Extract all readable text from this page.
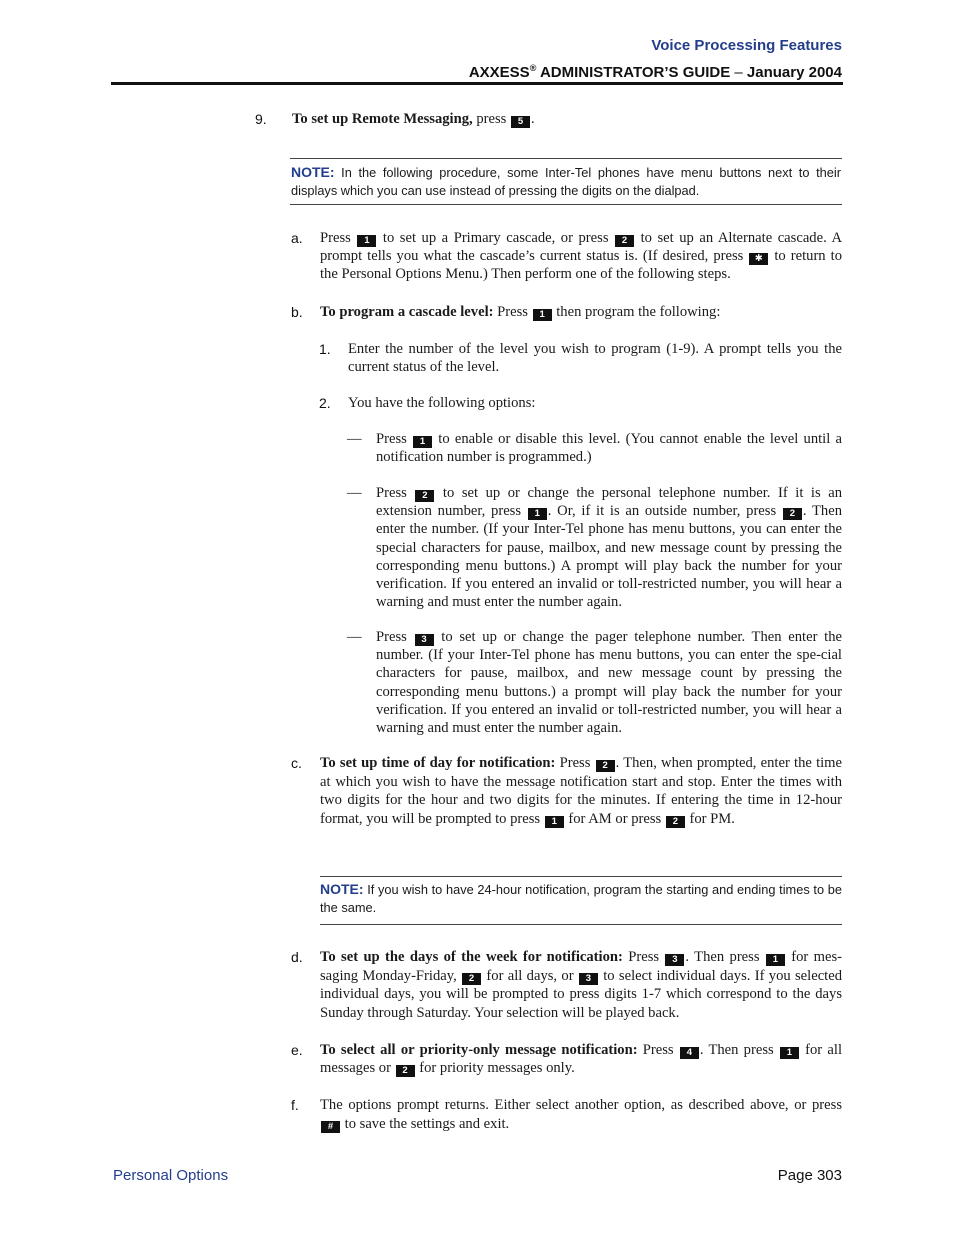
Voice Processing Features
AXXESS® ADMINISTRATOR’S GUIDE – January 2004
9. To set up Remote Messaging, press 5 .
NOTE: In the following procedure, some Inter-Tel phones have menu buttons next to their displays which you can use instead of pressing the digits on the dialpad.
a. Press 1 to set up a Primary cascade, or press 2 to set up an Alternate cascade. A prompt tells you what the cascade’s current status is. (If desired, press ✱ to return to the Personal Options Menu.) Then perform one of the following steps.
b. To program a cascade level: Press 1 then program the following:
1. Enter the number of the level you wish to program (1-9). A prompt tells you the current status of the level.
2. You have the following options:
— Press 1 to enable or disable this level. (You cannot enable the level until a notification number is programmed.)
— Press 2 to set up or change the personal telephone number. If it is an extension number, press 1 . Or, if it is an outside number, press 2 . Then enter the number. (If your Inter-Tel phone has menu buttons, you can enter the special characters for pause, mailbox, and new message count by pressing the corresponding menu buttons.) A prompt will play back the number for your verification. If you entered an invalid or toll-restricted number, you will hear a warning and must enter the number again.
— Press 3 to set up or change the pager telephone number. Then enter the number. (If your Inter-Tel phone has menu buttons, you can enter the spe-cial characters for pause, mailbox, and new message count by pressing the corresponding menu buttons.) a prompt will play back the number for your verification. If you entered an invalid or toll-restricted number, you will hear a warning and must enter the number again.
c. To set up time of day for notification: Press 2 . Then, when prompted, enter the time at which you wish to have the message notification start and stop. Enter the times with two digits for the hour and two digits for the minutes. If entering the time in 12-hour format, you will be prompted to press 1 for AM or press 2 for PM.
NOTE: If you wish to have 24-hour notification, program the starting and ending times to be the same.
d. To set up the days of the week for notification: Press 3 . Then press 1 for mes-saging Monday-Friday, 2 for all days, or 3 to select individual days. If you selected individual days, you will be prompted to press digits 1-7 which correspond to the days Sunday through Saturday. Your selection will be played back.
e. To select all or priority-only message notification: Press 4 . Then press 1 for all messages or 2 for priority messages only.
f. The options prompt returns. Either select another option, as described above, or press # to save the settings and exit.
Personal Options	Page 303
